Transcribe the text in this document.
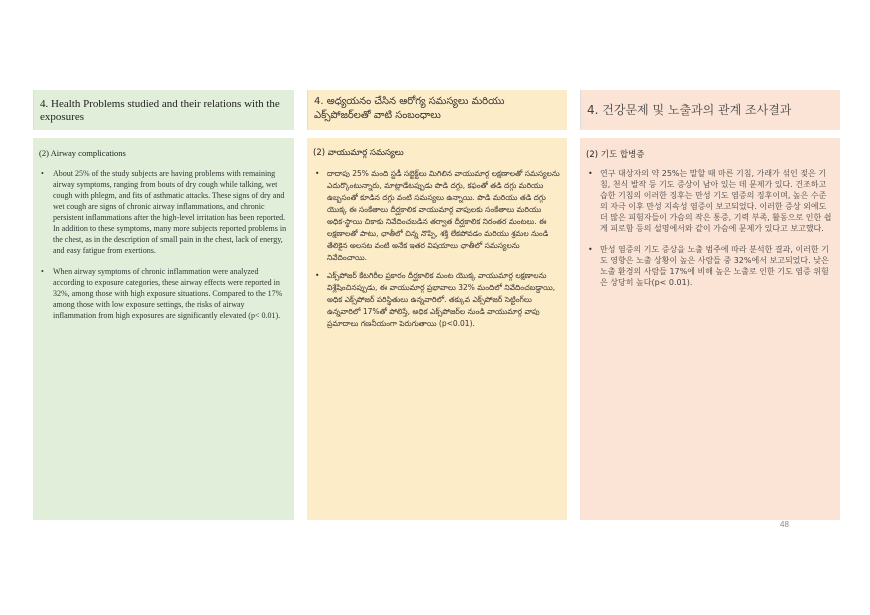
4. Health Problems studied and their relations with the exposures
(2) Airway complications
• About 25% of the study subjects are having problems with remaining airway symptoms, ranging from bouts of dry cough while talking, wet cough with phlegm, and fits of asthmatic attacks. These signs of dry and wet cough are signs of chronic airway inflammations, and chronic persistent inflammations after the high-level irritation has been reported. In addition to these symptoms, many more subjects reported problems in the chest, as in the description of small pain in the chest, lack of energy, and easy fatigue from exertions.
• When airway symptoms of chronic inflammation were analyzed according to exposure categories, these airway effects were reported in 32%, among those with high exposure situations. Compared to the 17% among those with low exposure settings, the risks of airway inflammation from high exposures are significantly elevated (p< 0.01).
4. అధ్యయనం చేసిన ఆరోగ్య సమస్యలు మరియు ఎక్స్‌పోజర్‌లతో వాటి సంబంధాలు
(2) వాయుమార్గ సమస్యలు
• దాదాపు 25% మంది స్టడీ సబ్జెక్ట్‌లు మిగిలిన వాయుమార్గ లక్షణాలతో సమస్యలను ఎదుర్కొంటున్నారు, మాట్లాడేటప్పుడు పొడి దగ్గు, కఫంతో తడి దగ్గు మరియు ఉబ్బసంతో కూడిన దగ్గు వంటి సమస్యలు ఉన్నాయి. పొడి మరియు తడి దగ్గు యొక్క ఈ సంకేతాలు దీర్ఘకాలిక వాయుమార్గ వాపులకు సంకేతాలు మరియు అధిక-స్థాయి చికాకు నివేదించబడిన తర్వాత దీర్ఘకాలిక నిరంతర మంటలు. ఈ లక్షణాలతో పాటు, ఛాతీలో చిన్న నొప్పి, శక్తి లేకపోవడం మరియు శ్రమల నుండి తేలికైన అలసట వంటి అనేక ఇతర విషయాలు ఛాతీలో సమస్యలను నివేదించాయి.
• ఎక్స్‌పోజర్ కేటగిరీల ప్రకారం దీర్ఘకాలిక మంట యొక్క వాయుమార్గ లక్షణాలను విశ్లేషించినప్పుడు, ఈ వాయుమార్గ ప్రభావాలు 32% మందిలో నివేదించబడ్డాయి, అధిక ఎక్స్‌పోజర్ పరిస్థితులు ఉన్నవారిలో. తక్కువ ఎక్స్‌పోజర్ సెట్టింగ్‌లు ఉన్నవారిలో 17%తో పోలిస్తే, అధిక ఎక్స్‌పోజర్‌ల నుండి వాయుమార్గ వాపు ప్రమాదాలు గణనీయంగా పెరుగుతాయి (p<0.01).
4. 건강문제 및 노출과의 관계 조사결과
(2) 기도 합병증
• 연구 대상자의 약 25%는 말할 때 마른 기침, 가래가 섞인 젖은 기침, 천식 발작 등 기도 증상이 남아 있는 데 문제가 있다. 건조하고 습한 기침의 이러한 징후는 만성 기도 염증의 징후이며, 높은 수준의 자극 이후 만성 지속성 염증이 보고되었다. 이러한 증상 외에도 더 많은 피험자들이 가슴의 작은 통증, 기력 부족, 활동으로 인한 쉽게 피로함 등의 설명에서와 같이 가슴에 문제가 있다고 보고했다.
• 만성 염증의 기도 증상을 노출 범주에 따라 분석한 결과, 이러한 기도 영향은 노출 상황이 높은 사람들 중 32%에서 보고되었다. 낮은 노출 환경의 사람들 17%에 비해 높은 노출로 인한 기도 염증 위험은 상당히 높다(p< 0.01).
48
